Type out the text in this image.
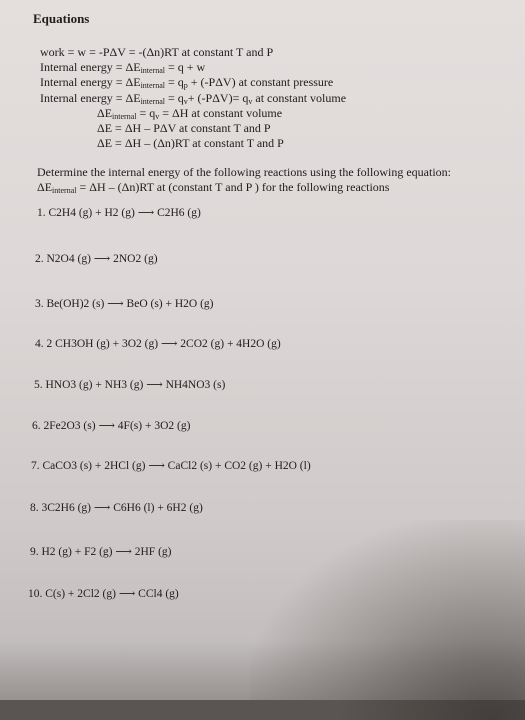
Equations
work = w = -PΔV = -(Δn)RT at constant T and P
Internal energy = $\Delta E_{internal} = q + w$
Internal energy = $\Delta E_{internal} = q_p + (-P\Delta V)$ at constant pressure
Internal energy = $\Delta E_{internal} = q_v+ (-P\Delta V)= q_v$ at constant volume
$\Delta E_{internal} = q_v = \Delta H$ at constant volume
ΔE = ΔH – PΔV at constant T and P
ΔE = ΔH – (Δn)RT at constant T and P
Determine the internal energy of the following reactions using the following equation:
$\Delta E_{internal} = \Delta H - (\Delta n)RT$ at (constant T and P ) for the following reactions
1. C2H4 (g) + H2 (g) ⟶ C2H6 (g)
2. N2O4 (g) ⟶ 2NO2 (g)
3. Be(OH)2 (s) ⟶ BeO (s) + H2O (g)
4. 2 CH3OH (g) + 3O2 (g) ⟶ 2CO2 (g) + 4H2O (g)
5. HNO3 (g) + NH3 (g) ⟶ NH4NO3 (s)
6. 2Fe2O3 (s) ⟶ 4F(s) + 3O2 (g)
7. CaCO3 (s) + 2HCl (g) ⟶ CaCl2 (s) + CO2 (g) + H2O (l)
8. 3C2H6 (g) ⟶ C6H6 (l) + 6H2 (g)
9. H2 (g) + F2 (g) ⟶ 2HF (g)
10. C(s) + 2Cl2 (g) ⟶ CCl4 (g)
